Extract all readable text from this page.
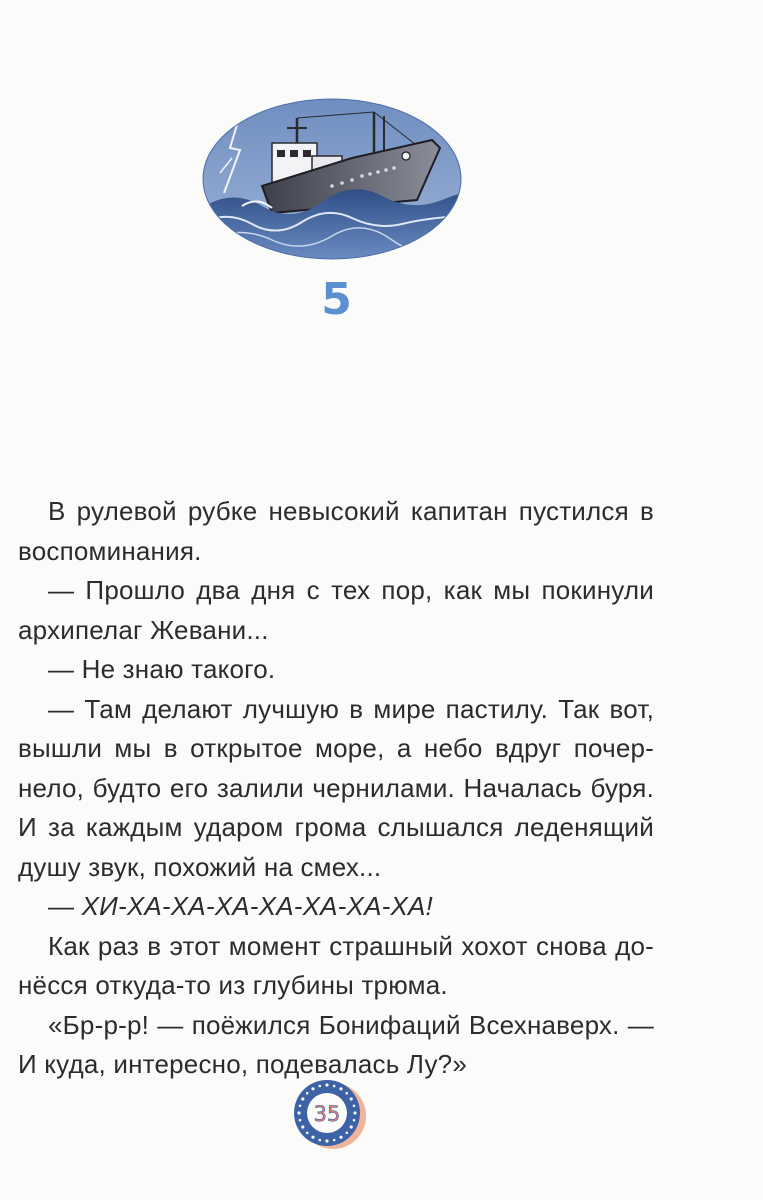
5

В рулевой рубке невысокий капитан пустился в воспоминания.

— Прошло два дня с тех пор, как мы покинули архипелаг Жевани...

— Не знаю такого.

— Там делают лучшую в мире пастилу. Так вот, вышли мы в открытое море, а небо вдруг почер-нело, будто его залили чернилами. Началась буря. И за каждым ударом грома слышался леденящий душу звук, похожий на смех...

— ХИ-ХА-ХА-ХА-ХА-ХА-ХА-ХА!

Как раз в этот момент страшный хохот снова до-нёсся откуда-то из глубины трюма.

«Бр-р-р! — поёжился Бонифаций Всехнаверх. — И куда, интересно, подевалась Лу?»

35
